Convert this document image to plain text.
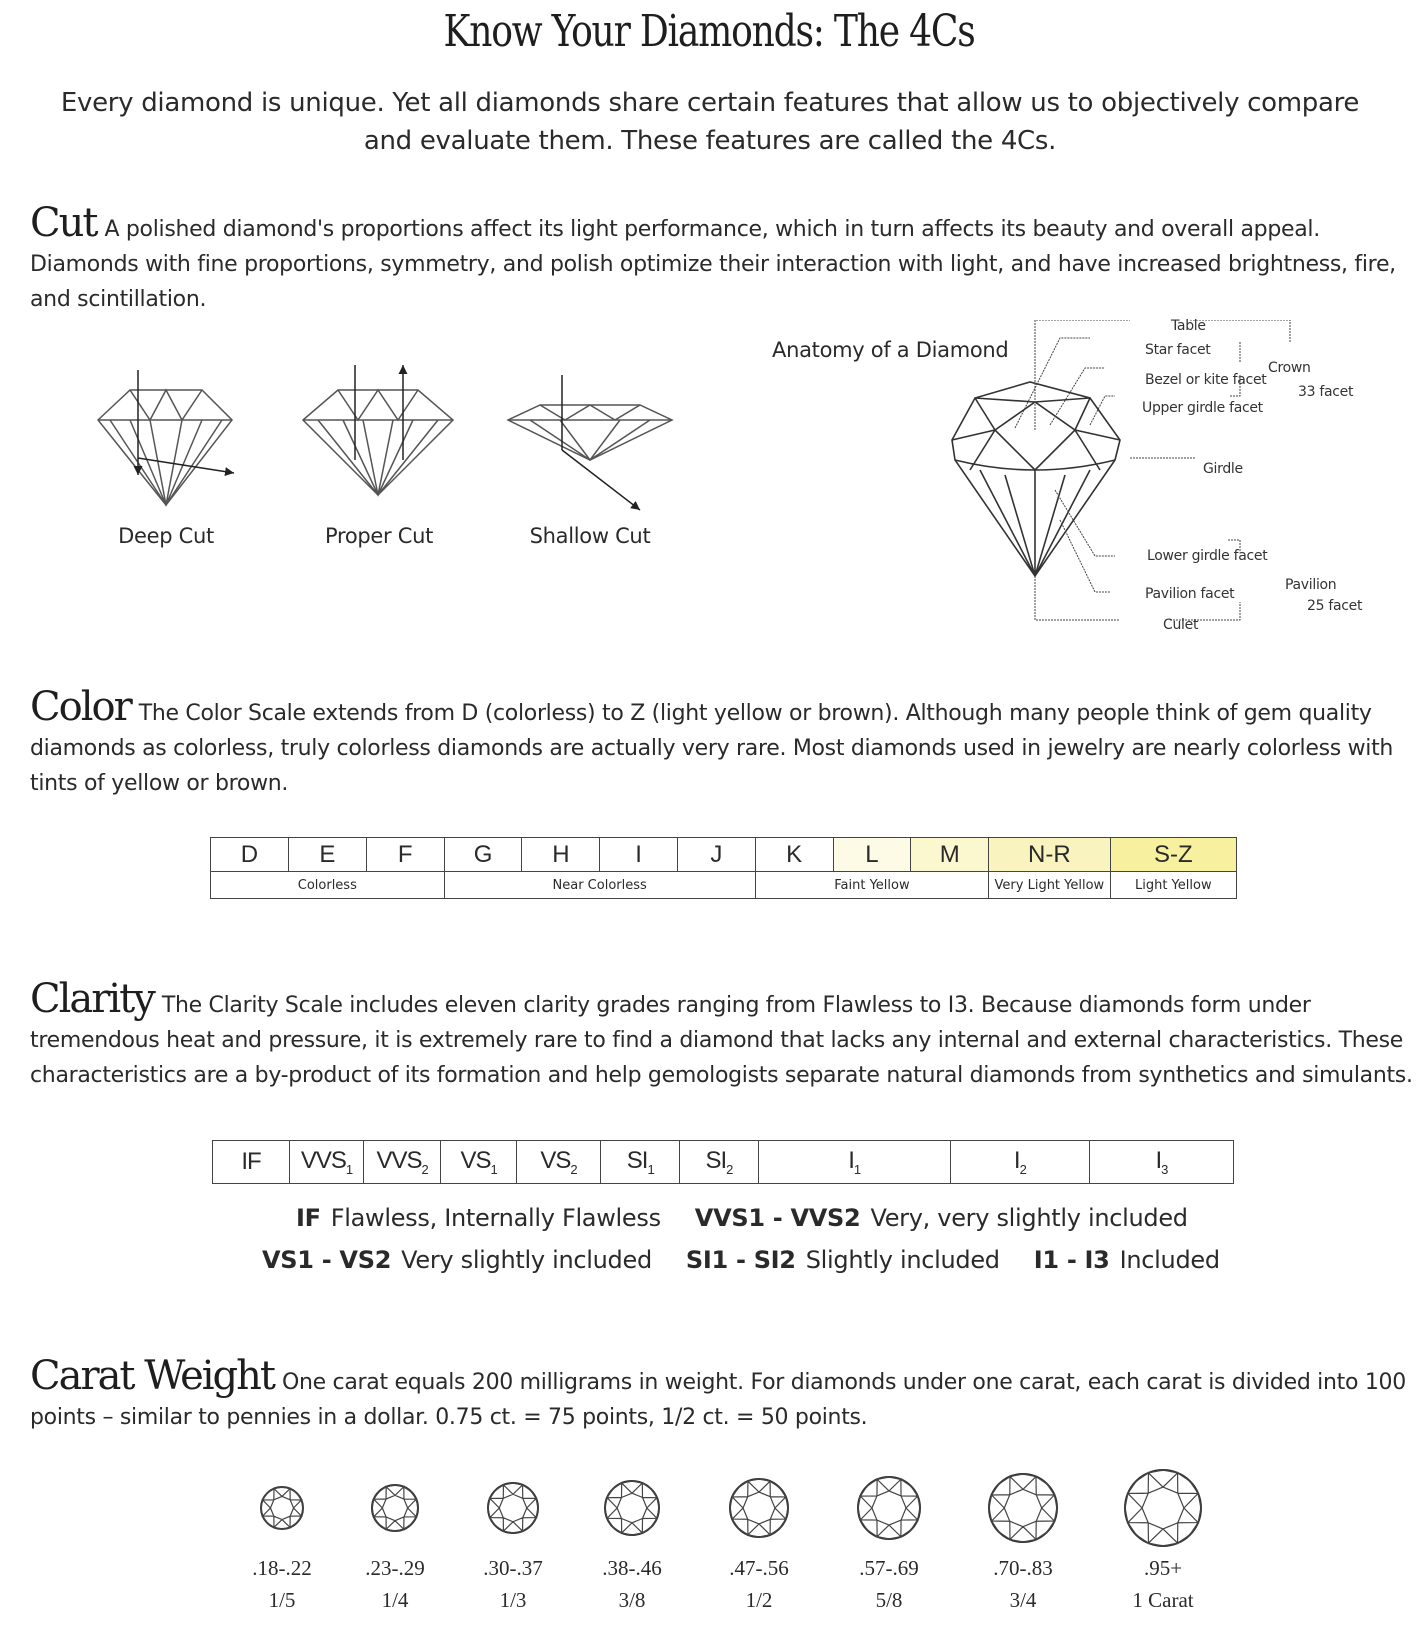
Know Your Diamonds: The 4Cs
Every diamond is unique. Yet all diamonds share certain features that allow us to objectively compare and evaluate them. These features are called the 4Cs.
Cut A polished diamond's proportions affect its light performance, which in turn affects its beauty and overall appeal. Diamonds with fine proportions, symmetry, and polish optimize their interaction with light, and have increased brightness, fire, and scintillation.
Deep Cut	Proper Cut	Shallow Cut
Anatomy of a Diamond
Table
Star facet
Bezel or kite facet
Upper girdle facet
Crown
33 facet
Girdle
Lower girdle facet
Pavilion facet
Pavilion
25 facet
Culet
Color The Color Scale extends from D (colorless) to Z (light yellow or brown). Although many people think of gem quality diamonds as colorless, truly colorless diamonds are actually very rare. Most diamonds used in jewelry are nearly colorless with tints of yellow or brown.
D	E	F	G	H	I	J	K	L	M	N-R	S-Z
Colorless			Near Colorless				Faint Yellow			Very Light Yellow	Light Yellow
Clarity The Clarity Scale includes eleven clarity grades ranging from Flawless to I3. Because diamonds form under tremendous heat and pressure, it is extremely rare to find a diamond that lacks any internal and external characteristics. These characteristics are a by-product of its formation and help gemologists separate natural diamonds from synthetics and simulants.
IF	$VVS_1$	$VVS_2$	$VS_1$	$VS_2$	$SI_1$	$SI_2$	$I_1$	$I_2$	$I_3$
IF Flawless, Internally Flawless VVS1 - VVS2 Very, very slightly included
VS1 - VS2 Very slightly included SI1 - SI2 Slightly included I1 - I3 Included
Carat Weight One carat equals 200 milligrams in weight. For diamonds under one carat, each carat is divided into 100 points – similar to pennies in a dollar. 0.75 ct. = 75 points, 1/2 ct. = 50 points.
.18-.22
1/5
.23-.29
1/4
.30-.37
1/3
.38-.46
3/8
.47-.56
1/2
.57-.69
5/8
.70-.83
3/4
.95+
1 Carat
